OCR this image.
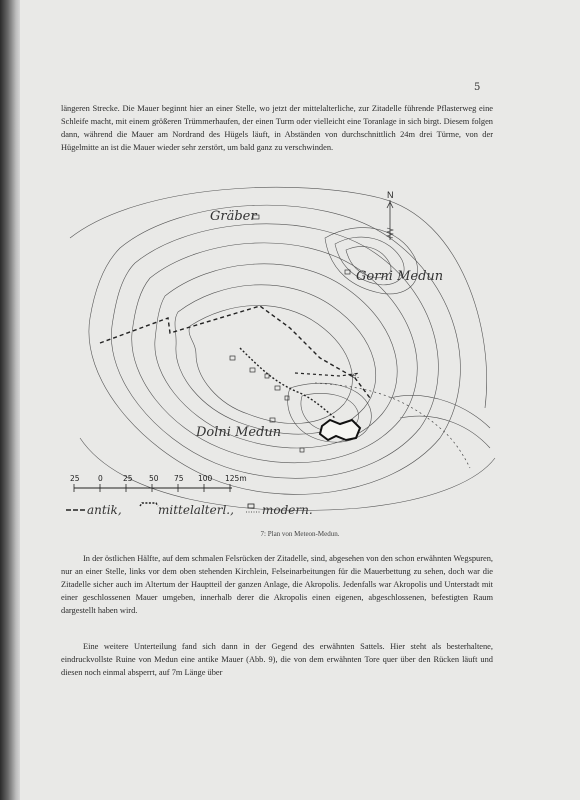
5

längeren Strecke. Die Mauer beginnt hier an einer Stelle, wo jetzt der mittelalterliche, zur Zitadelle führende Pflasterweg eine Schleife macht, mit einem größeren Trümmerhaufen, der einen Turm oder vielleicht eine Toranlage in sich birgt. Diesem folgen dann, während die Mauer am Nordrand des Hügels läuft, in Abständen von durchschnittlich 24m drei Türme, von der Hügelmitte an ist die Mauer wieder sehr zerstört, um bald ganz zu verschwinden.

Gräber
Gorni Medun
Dolni Medun
e.
N
25 0	25 50 75 100 125m
antik,	mittelalterl., modern.

7: Plan von Meteon-Medun.

In der östlichen Hälfte, auf dem schmalen Felsrücken der Zitadelle, sind, abgesehen von den schon erwähnten Wegspuren, nur an einer Stelle, links vor dem oben stehenden Kirchlein, Felseinarbeitungen für die Mauerbettung zu sehen, doch war die Zitadelle sicher auch im Altertum der Hauptteil der ganzen Anlage, die Akropolis. Jedenfalls war Akropolis und Unterstadt mit einer geschlossenen Mauer umgeben, innerhalb derer die Akropolis einen eigenen, abgeschlossenen, befestigten Raum dargestellt haben wird.

Eine weitere Unterteilung fand sich dann in der Gegend des erwähnten Sattels. Hier steht als besterhaltene, eindruckvollste Ruine von Medun eine antike Mauer (Abb. 9), die von dem erwähnten Tore quer über den Rücken läuft und diesen noch einmal absperrt, auf 7m Länge über
